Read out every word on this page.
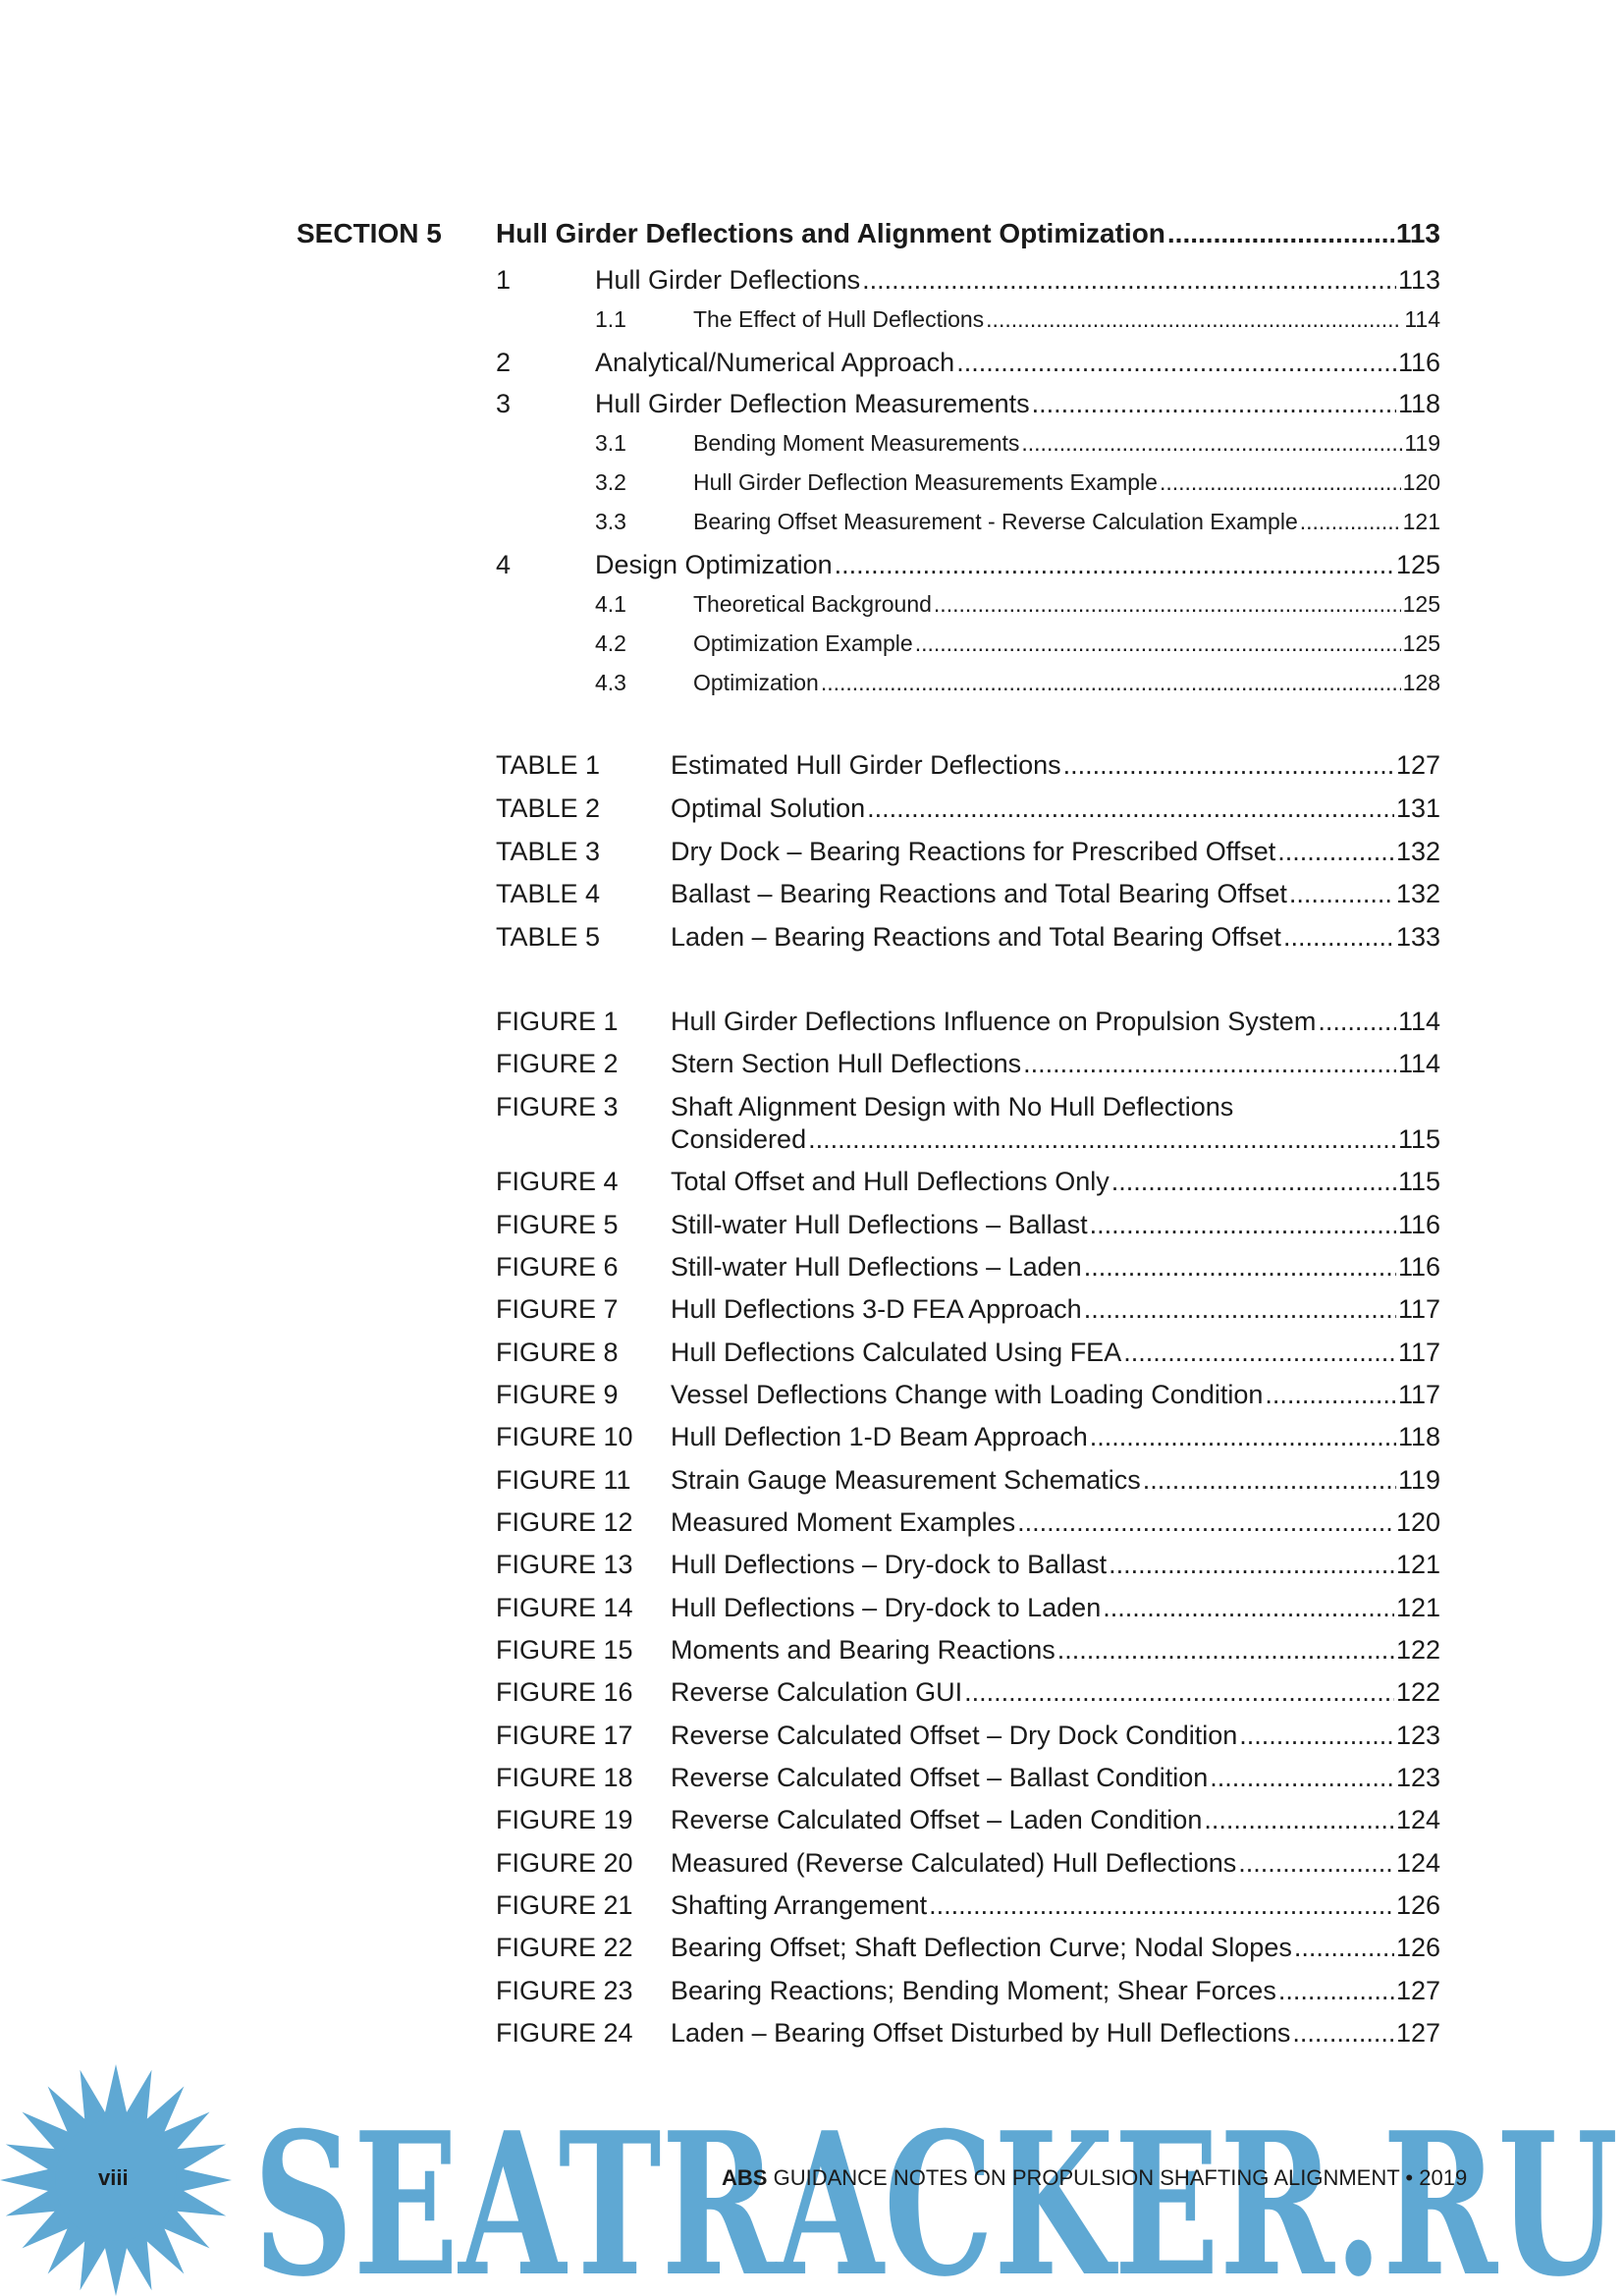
SECTION 5 Hull Girder Deflections and Alignment Optimization .....	113
1	Hull Girder Deflections .....	113
1.1	The Effect of Hull Deflections .....	114
2	Analytical/Numerical Approach .....	116
3	Hull Girder Deflection Measurements .....	118
3.1	Bending Moment Measurements .....	119
3.2	Hull Girder Deflection Measurements Example .....	120
3.3	Bearing Offset Measurement - Reverse Calculation Example .....	121
4	Design Optimization .....	125
4.1	Theoretical Background .....	125
4.2	Optimization Example .....	125
4.3	Optimization .....	128
TABLE 1	Estimated Hull Girder Deflections .....	127
TABLE 2	Optimal Solution .....	131
TABLE 3	Dry Dock – Bearing Reactions for Prescribed Offset .....	132
TABLE 4	Ballast – Bearing Reactions and Total Bearing Offset .....	132
TABLE 5	Laden – Bearing Reactions and Total Bearing Offset .....	133
FIGURE 1 Hull Girder Deflections Influence on Propulsion System .....	114
FIGURE 2 Stern Section Hull Deflections .....	114
FIGURE 3 Shaft Alignment Design with No Hull Deflections
Considered .....	115
FIGURE 4 Total Offset and Hull Deflections Only .....	115
FIGURE 5 Still-water Hull Deflections – Ballast .....	116
FIGURE 6 Still-water Hull Deflections – Laden .....	116
FIGURE 7 Hull Deflections 3-D FEA Approach .....	117
FIGURE 8 Hull Deflections Calculated Using FEA .....	117
FIGURE 9 Vessel Deflections Change with Loading Condition .....	117
FIGURE 10 Hull Deflection 1-D Beam Approach .....	118
FIGURE 11 Strain Gauge Measurement Schematics .....	119
FIGURE 12 Measured Moment Examples .....	120
FIGURE 13 Hull Deflections – Dry-dock to Ballast .....	121
FIGURE 14 Hull Deflections – Dry-dock to Laden .....	121
FIGURE 15 Moments and Bearing Reactions .....	122
FIGURE 16 Reverse Calculation GUI .....	122
FIGURE 17 Reverse Calculated Offset – Dry Dock Condition .....	123
FIGURE 18 Reverse Calculated Offset – Ballast Condition .....	123
FIGURE 19 Reverse Calculated Offset – Laden Condition .....	124
FIGURE 20 Measured (Reverse Calculated) Hull Deflections .....	124
FIGURE 21 Shafting Arrangement .....	126
FIGURE 22 Bearing Offset; Shaft Deflection Curve; Nodal Slopes .....	126
FIGURE 23 Bearing Reactions; Bending Moment; Shear Forces .....	127
FIGURE 24 Laden – Bearing Offset Disturbed by Hull Deflections .....	127
SEATRACKER.RU
viii	ABS GUIDANCE NOTES ON PROPULSION SHAFTING ALIGNMENT • 2019
